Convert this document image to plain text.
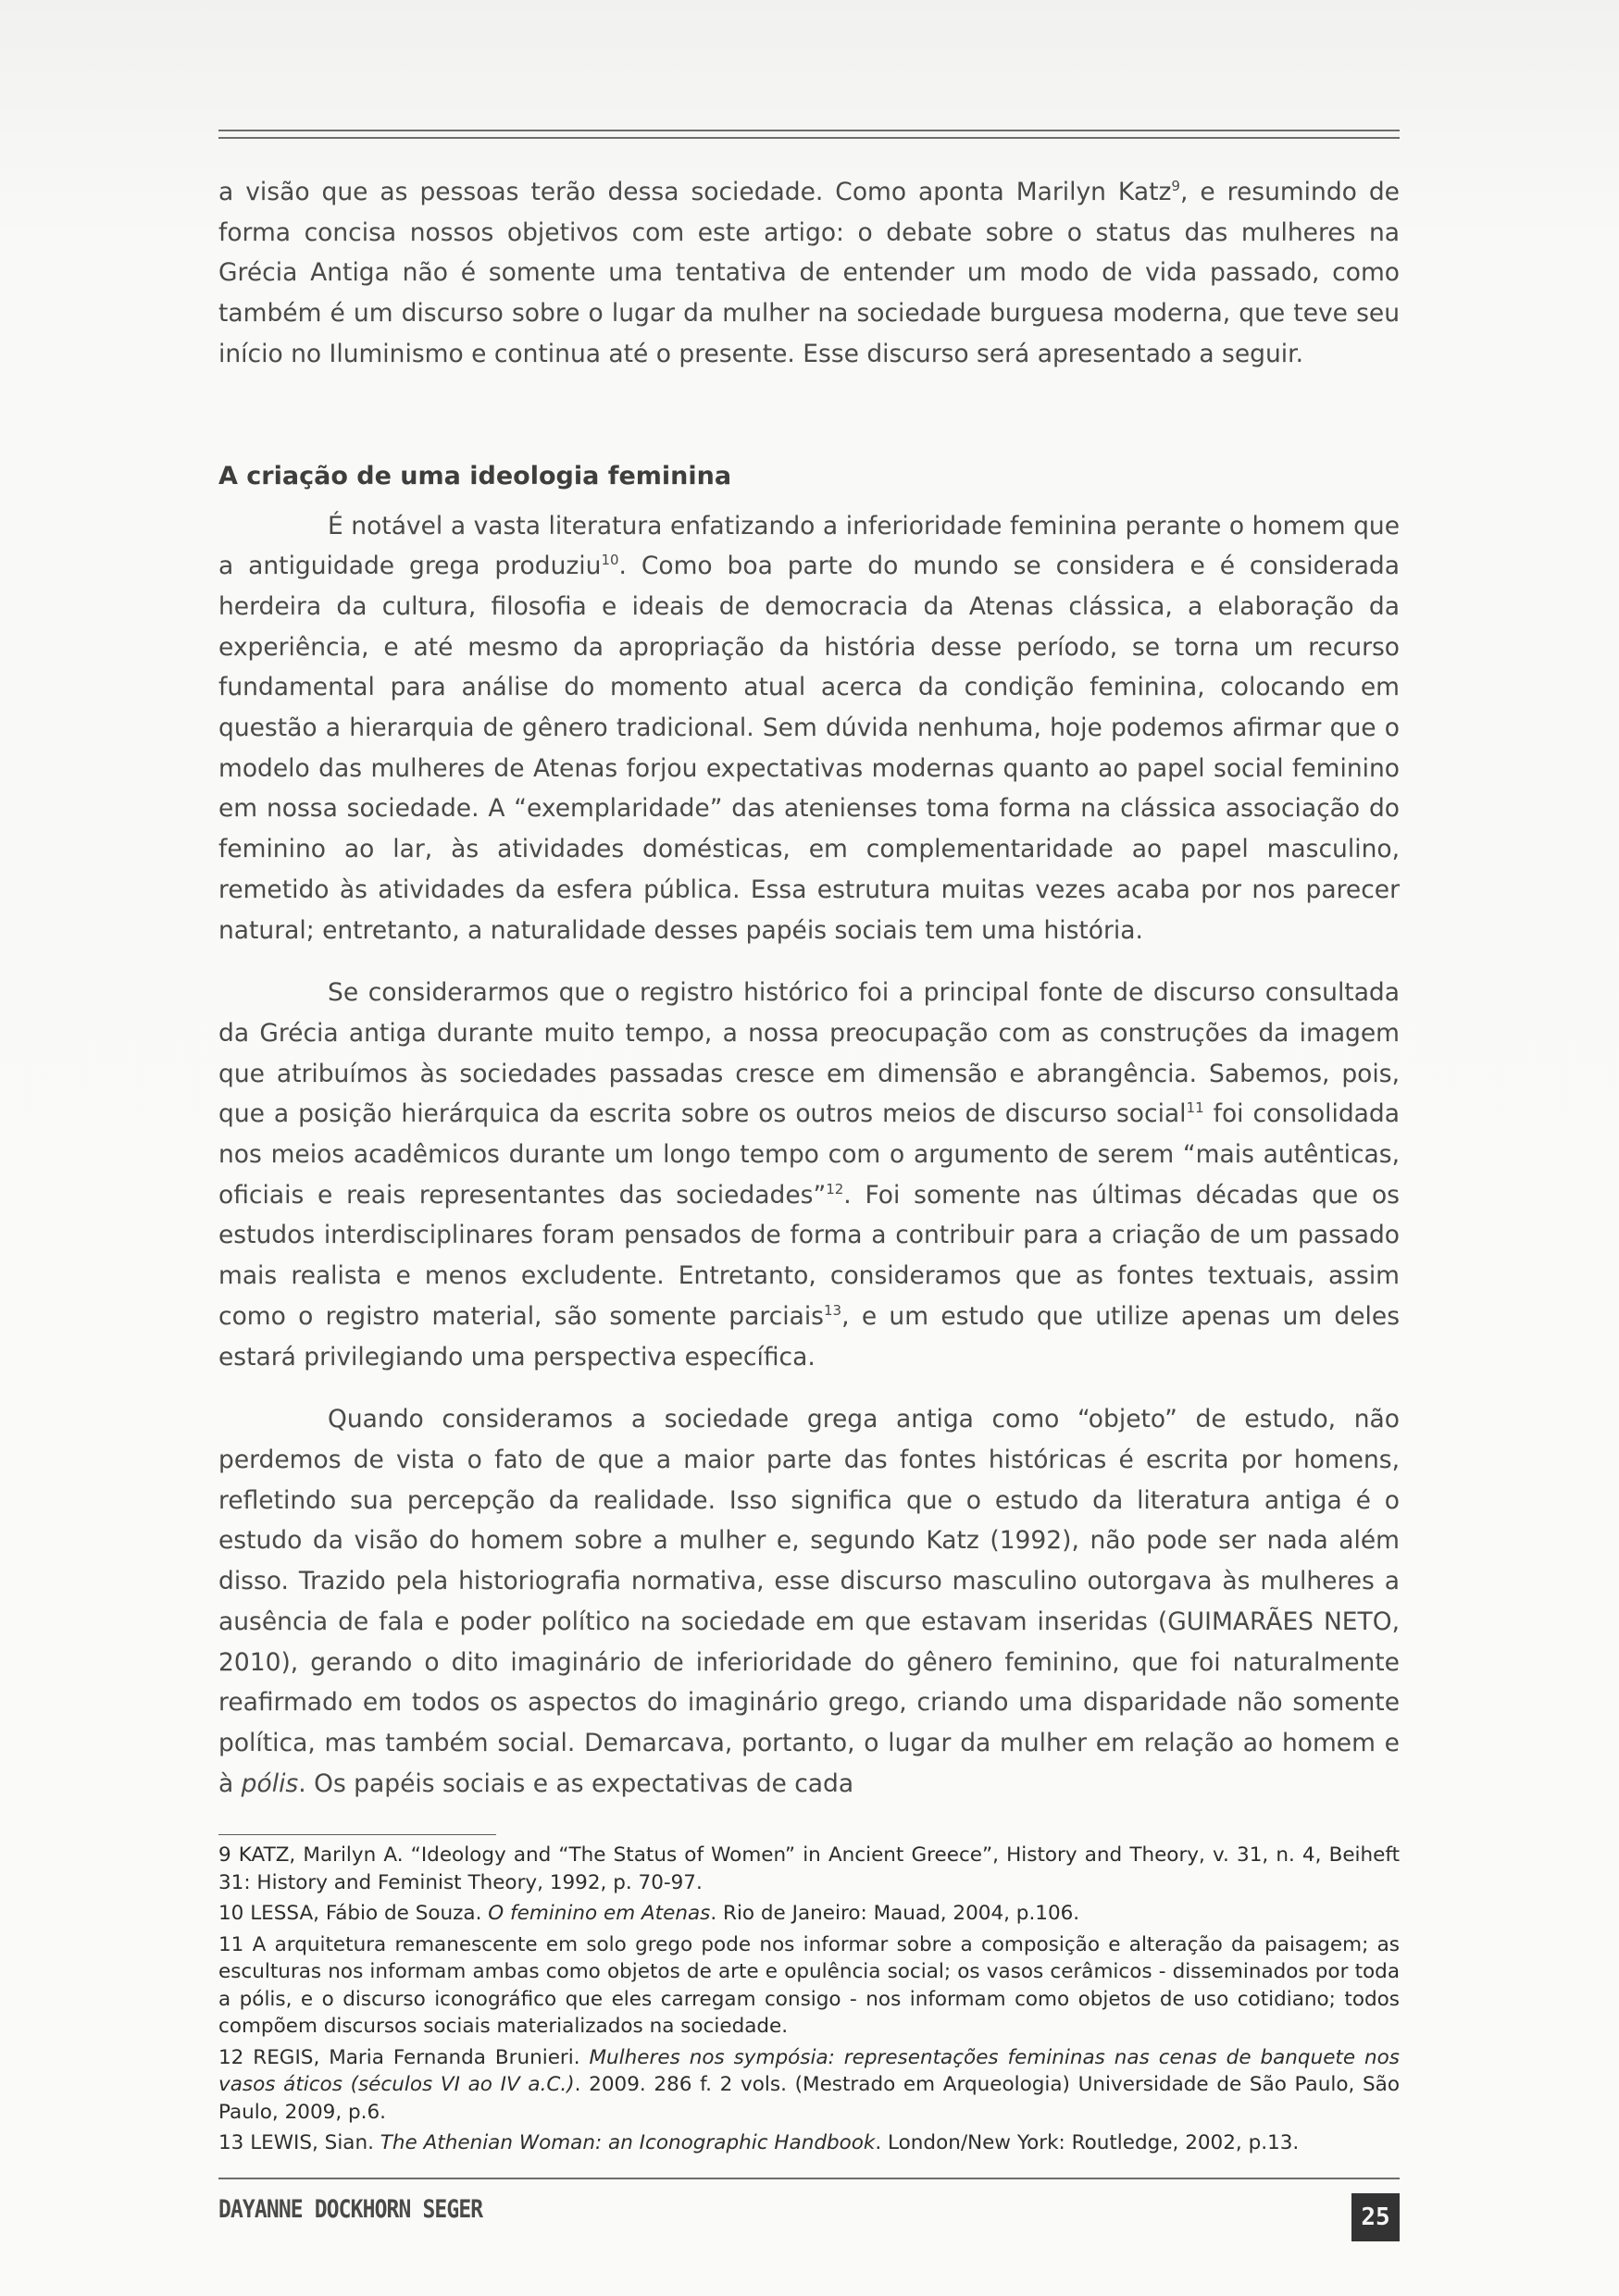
a visão que as pessoas terão dessa sociedade. Como aponta Marilyn Katz$^9$, e resumindo de forma concisa nossos objetivos com este artigo: o debate sobre o status das mulheres na Grécia Antiga não é somente uma tentativa de entender um modo de vida passado, como também é um discurso sobre o lugar da mulher na sociedade burguesa moderna, que teve seu início no Iluminismo e continua até o presente. Esse discurso será apresentado a seguir.

A criação de uma ideologia feminina

É notável a vasta literatura enfatizando a inferioridade feminina perante o homem que a antiguidade grega produziu$^{10}$. Como boa parte do mundo se considera e é considerada herdeira da cultura, filosofia e ideais de democracia da Atenas clássica, a elaboração da experiência, e até mesmo da apropriação da história desse período, se torna um recurso fundamental para análise do momento atual acerca da condição feminina, colocando em questão a hierarquia de gênero tradicional. Sem dúvida nenhuma, hoje podemos afirmar que o modelo das mulheres de Atenas forjou expectativas modernas quanto ao papel social feminino em nossa sociedade. A “exemplaridade” das atenienses toma forma na clássica associação do feminino ao lar, às atividades domésticas, em complementaridade ao papel masculino, remetido às atividades da esfera pública. Essa estrutura muitas vezes acaba por nos parecer natural; entretanto, a naturalidade desses papéis sociais tem uma história.

Se considerarmos que o registro histórico foi a principal fonte de discurso consultada da Grécia antiga durante muito tempo, a nossa preocupação com as construções da imagem que atribuímos às sociedades passadas cresce em dimensão e abrangência. Sabemos, pois, que a posição hierárquica da escrita sobre os outros meios de discurso social$^{11}$ foi consolidada nos meios acadêmicos durante um longo tempo com o argumento de serem “mais autênticas, oficiais e reais representantes das sociedades”$^{12}$. Foi somente nas últimas décadas que os estudos interdisciplinares foram pensados de forma a contribuir para a criação de um passado mais realista e menos excludente. Entretanto, consideramos que as fontes textuais, assim como o registro material, são somente parciais$^{13}$, e um estudo que utilize apenas um deles estará privilegiando uma perspectiva específica.

Quando consideramos a sociedade grega antiga como “objeto” de estudo, não perdemos de vista o fato de que a maior parte das fontes históricas é escrita por homens, refletindo sua percepção da realidade. Isso significa que o estudo da literatura antiga é o estudo da visão do homem sobre a mulher e, segundo Katz (1992), não pode ser nada além disso. Trazido pela historiografia normativa, esse discurso masculino outorgava às mulheres a ausência de fala e poder político na sociedade em que estavam inseridas (GUIMARÃES NETO, 2010), gerando o dito imaginário de inferioridade do gênero feminino, que foi naturalmente reafirmado em todos os aspectos do imaginário grego, criando uma disparidade não somente política, mas também social. Demarcava, portanto, o lugar da mulher em relação ao homem e à pólis. Os papéis sociais e as expectativas de cada

9 KATZ, Marilyn A. “Ideology and “The Status of Women” in Ancient Greece”, History and Theory, v. 31, n. 4, Beiheft 31: History and Feminist Theory, 1992, p. 70-97.

10 LESSA, Fábio de Souza. O feminino em Atenas. Rio de Janeiro: Mauad, 2004, p.106.

11 A arquitetura remanescente em solo grego pode nos informar sobre a composição e alteração da paisagem; as esculturas nos informam ambas como objetos de arte e opulência social; os vasos cerâmicos - disseminados por toda a pólis, e o discurso iconográfico que eles carregam consigo - nos informam como objetos de uso cotidiano; todos compõem discursos sociais materializados na sociedade.

12 REGIS, Maria Fernanda Brunieri. Mulheres nos sympósia: representações femininas nas cenas de banquete nos vasos áticos (séculos VI ao IV a.C.). 2009. 286 f. 2 vols. (Mestrado em Arqueologia) Universidade de São Paulo, São Paulo, 2009, p.6.

13 LEWIS, Sian. The Athenian Woman: an Iconographic Handbook. London/New York: Routledge, 2002, p.13.

DAYANNE DOCKHORN SEGER	25
